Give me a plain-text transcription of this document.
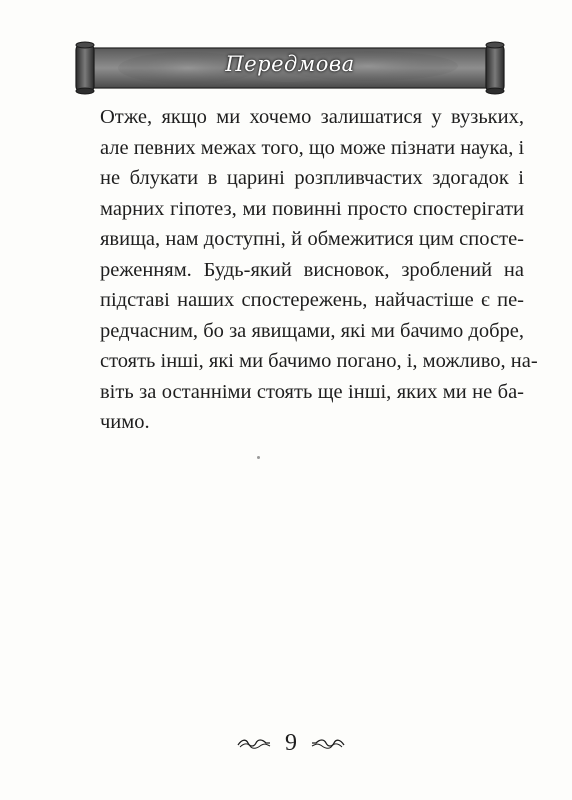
Передмова
Отже, якщо ми хочемо залишатися у вузьких,
але певних межах того, що може пізнати наука, і
не блукати в царині розпливчастих здогадок і
марних гіпотез, ми повинні просто спостерігати
явища, нам доступні, й обмежитися цим спосте-
реженням. Будь-який висновок, зроблений на
підставі наших спостережень, найчастіше є пе-
редчасним, бо за явищами, які ми бачимо добре,
стоять інші, які ми бачимо погано, і, можливо, на-
віть за останніми стоять ще інші, яких ми не ба-
чимо.
9
